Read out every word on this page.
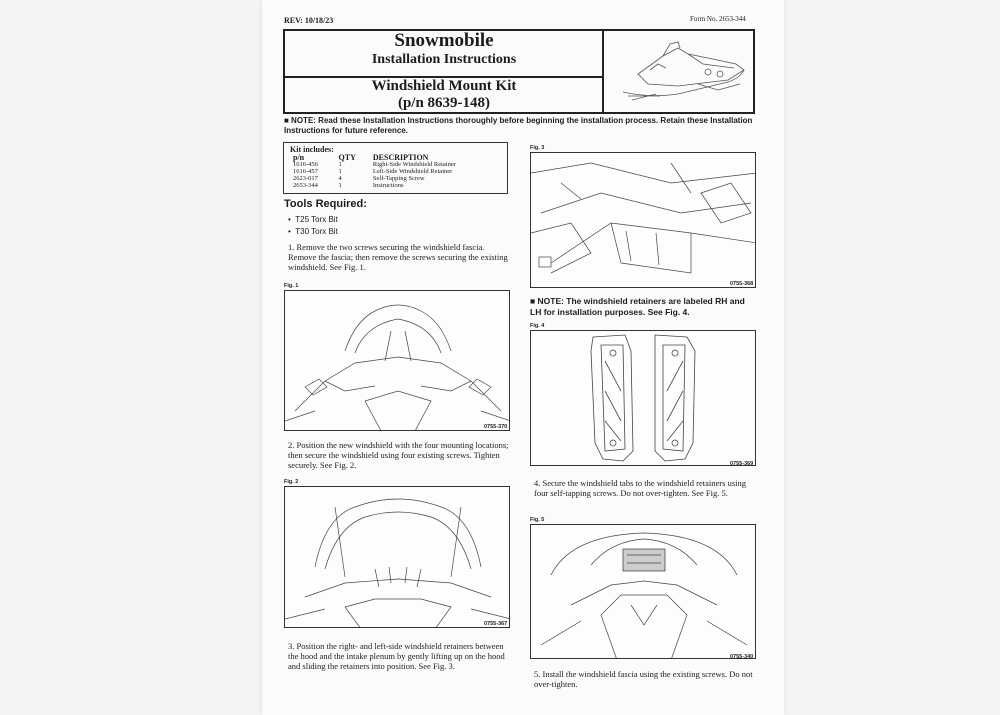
REV: 10/18/23	Form No. 2653-344
Snowmobile
Installation Instructions
Windshield Mount Kit
(p/n 8639-148)
■ NOTE: Read these Installation Instructions thoroughly before beginning the installation process. Retain these Installation Instructions for future reference.
Kit includes:
p/n	QTY	DESCRIPTION
1616-456	1	Right-Side Windshield Retainer
1616-457	1	Left-Side Windshield Retainer
2623-017	4	Self-Tapping Screw
2653-344	1	Instructions
Tools Required:
•  T25 Torx Bit
•  T30 Torx Bit
1. Remove the two screws securing the windshield fascia. Remove the fascia; then remove the screws securing the existing windshield. See Fig. 1.
Fig. 1
0755-370
2. Position the new windshield with the four mounting locations; then secure the windshield using four existing screws. Tighten securely. See Fig. 2.
Fig. 2
0755-367
3. Position the right- and left-side windshield retainers between the hood and the intake plenum by gently lifting up on the hood and sliding the retainers into position. See Fig. 3.
Fig. 3
0755-368
■ NOTE: The windshield retainers are labeled RH and LH for installation purposes. See Fig. 4.
Fig. 4
0755-369
4. Secure the windshield tabs to the windshield retainers using four self-tapping screws. Do not over-tighten. See Fig. 5.
Fig. 5
0755-340
5. Install the windshield fascia using the existing screws. Do not over-tighten.
